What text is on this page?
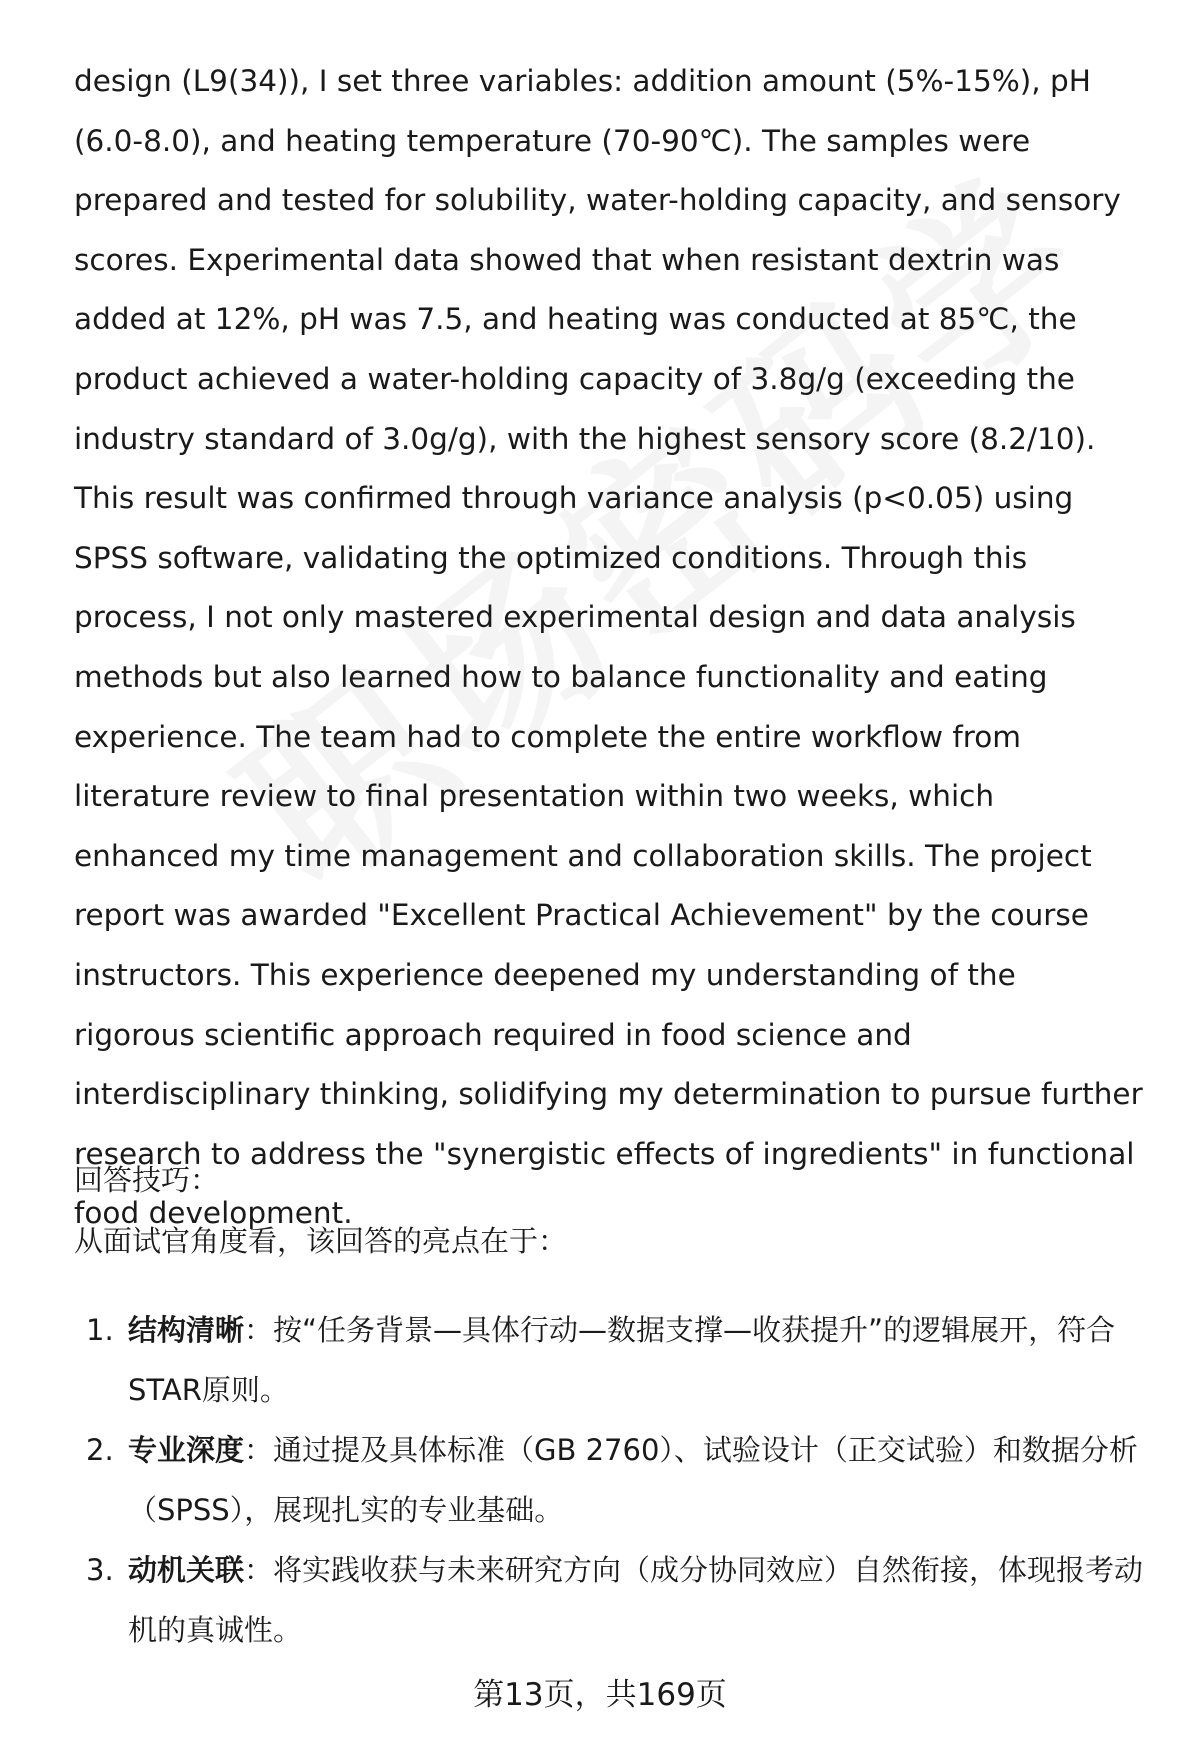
design (L9(34)), I set three variables: addition amount (5%-15%), pH (6.0-8.0), and heating temperature (70-90℃). The samples were prepared and tested for solubility, water-holding capacity, and sensory scores. Experimental data showed that when resistant dextrin was added at 12%, pH was 7.5, and heating was conducted at 85℃, the product achieved a water-holding capacity of 3.8g/g (exceeding the industry standard of 3.0g/g), with the highest sensory score (8.2/10). This result was confirmed through variance analysis (p<0.05) using SPSS software, validating the optimized conditions. Through this process, I not only mastered experimental design and data analysis methods but also learned how to balance functionality and eating experience. The team had to complete the entire workflow from literature review to final presentation within two weeks, which enhanced my time management and collaboration skills. The project report was awarded "Excellent Practical Achievement" by the course instructors. This experience deepened my understanding of the rigorous scientific approach required in food science and interdisciplinary thinking, solidifying my determination to pursue further research to address the "synergistic effects of ingredients" in functional food development.

回答技巧：

从面试官角度看，该回答的亮点在于：

1. 结构清晰：按“任务背景—具体行动—数据支撑—收获提升”的逻辑展开，符合STAR原则。
2. 专业深度：通过提及具体标准（GB 2760）、试验设计（正交试验）和数据分析（SPSS），展现扎实的专业基础。
3. 动机关联：将实践收获与未来研究方向（成分协同效应）自然衔接，体现报考动机的真诚性。
第13页，共169页
